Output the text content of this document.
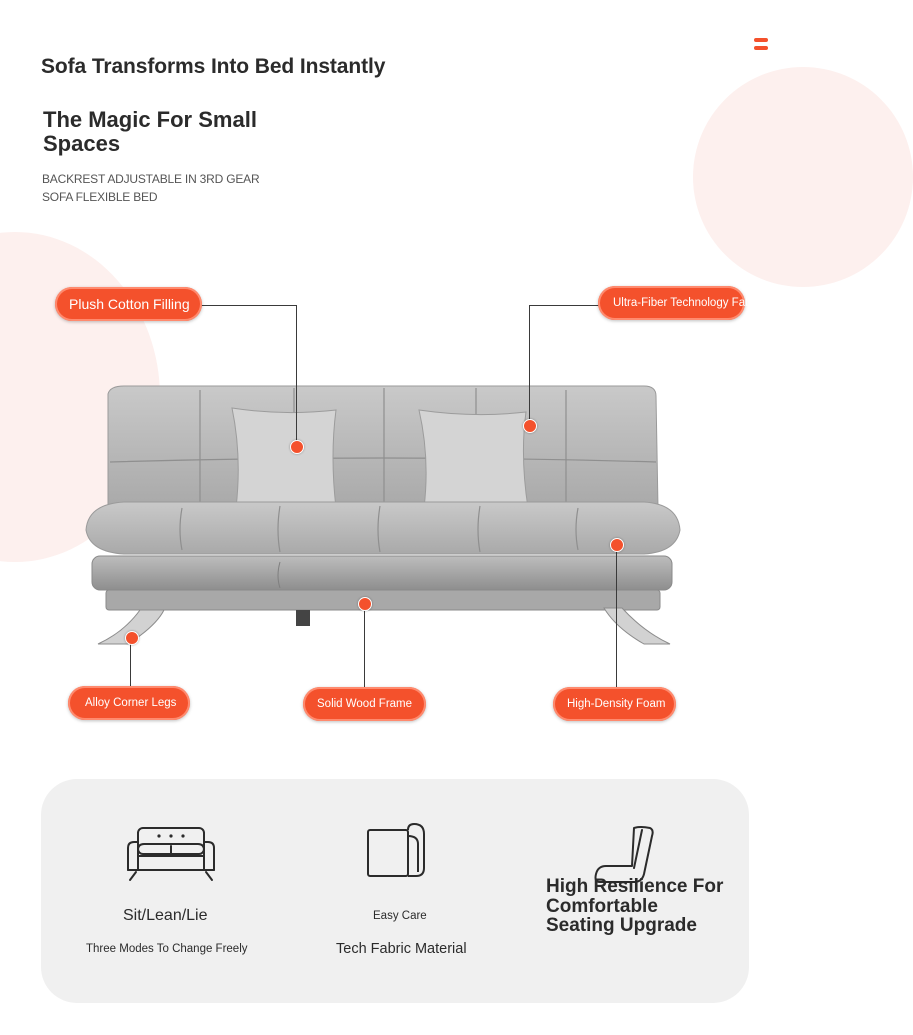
Sofa Transforms Into Bed Instantly
The Magic For Small Spaces
BACKREST ADJUSTABLE IN 3RD GEAR
SOFA FLEXIBLE BED
Plush Cotton Filling	Ultra-Fiber Technology Fabric
Alloy Corner Legs	Solid Wood Frame	High-Density Foam
Sit/Lean/Lie
Three Modes To Change Freely
Easy Care
Tech Fabric Material

High Resilience For Comfortable Seating Upgrade
